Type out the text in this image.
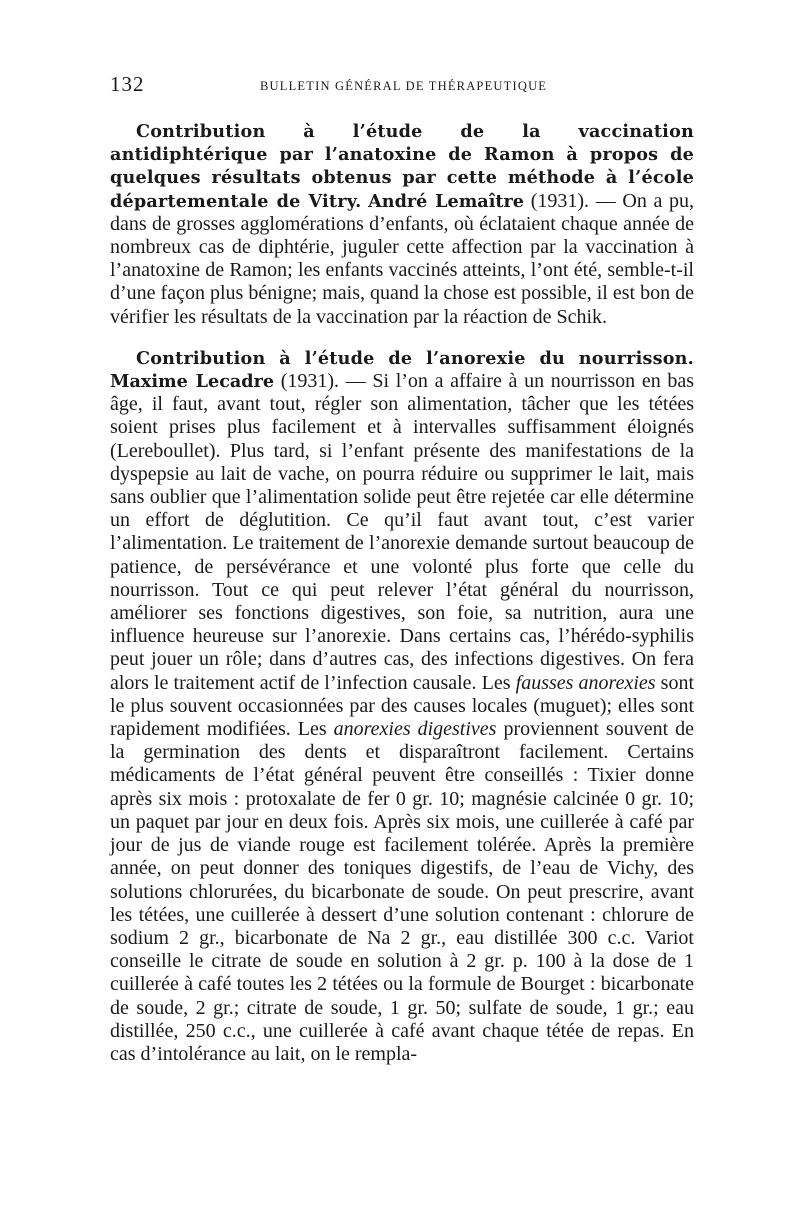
132	BULLETIN GÉNÉRAL DE THÉRAPEUTIQUE

Contribution à l’étude de la vaccination antidiphtérique par l’anatoxine de Ramon à propos de quelques résultats obtenus par cette méthode à l’école départementale de Vitry. André Lemaître (1931). — On a pu, dans de grosses agglomérations d’enfants, où éclataient chaque année de nombreux cas de diphtérie, juguler cette affection par la vaccination à l’anatoxine de Ramon; les enfants vaccinés atteints, l’ont été, semble-t-il d’une façon plus bénigne; mais, quand la chose est possible, il est bon de vérifier les résultats de la vaccination par la réaction de Schik.

Contribution à l’étude de l’anorexie du nourrisson. Maxime Lecadre (1931). — Si l’on a affaire à un nourrisson en bas âge, il faut, avant tout, régler son alimentation, tâcher que les tétées soient prises plus facilement et à intervalles suffisamment éloignés (Lereboullet). Plus tard, si l’enfant présente des manifestations de la dyspepsie au lait de vache, on pourra réduire ou supprimer le lait, mais sans oublier que l’alimentation solide peut être rejetée car elle détermine un effort de déglutition. Ce qu’il faut avant tout, c’est varier l’alimentation. Le traitement de l’anorexie demande surtout beaucoup de patience, de persévérance et une volonté plus forte que celle du nourrisson. Tout ce qui peut relever l’état général du nourrisson, améliorer ses fonctions digestives, son foie, sa nutrition, aura une influence heureuse sur l’anorexie. Dans certains cas, l’hérédo-syphilis peut jouer un rôle; dans d’autres cas, des infections digestives. On fera alors le traitement actif de l’infection causale. Les fausses anorexies sont le plus souvent occasionnées par des causes locales (muguet); elles sont rapidement modifiées. Les anorexies digestives proviennent souvent de la germination des dents et disparaîtront facilement. Certains médicaments de l’état général peuvent être conseillés : Tixier donne après six mois : protoxalate de fer 0 gr. 10; magnésie calcinée 0 gr. 10; un paquet par jour en deux fois. Après six mois, une cuillerée à café par jour de jus de viande rouge est facilement tolérée. Après la première année, on peut donner des toniques digestifs, de l’eau de Vichy, des solutions chlorurées, du bicarbonate de soude. On peut prescrire, avant les tétées, une cuillerée à dessert d’une solution contenant : chlorure de sodium 2 gr., bicarbonate de Na 2 gr., eau distillée 300 c.c. Variot conseille le citrate de soude en solution à 2 gr. p. 100 à la dose de 1 cuillerée à café toutes les 2 tétées ou la formule de Bourget : bicarbonate de soude, 2 gr.; citrate de soude, 1 gr. 50; sulfate de soude, 1 gr.; eau distillée, 250 c.c., une cuillerée à café avant chaque tétée de repas. En cas d’intolérance au lait, on le rempla-
